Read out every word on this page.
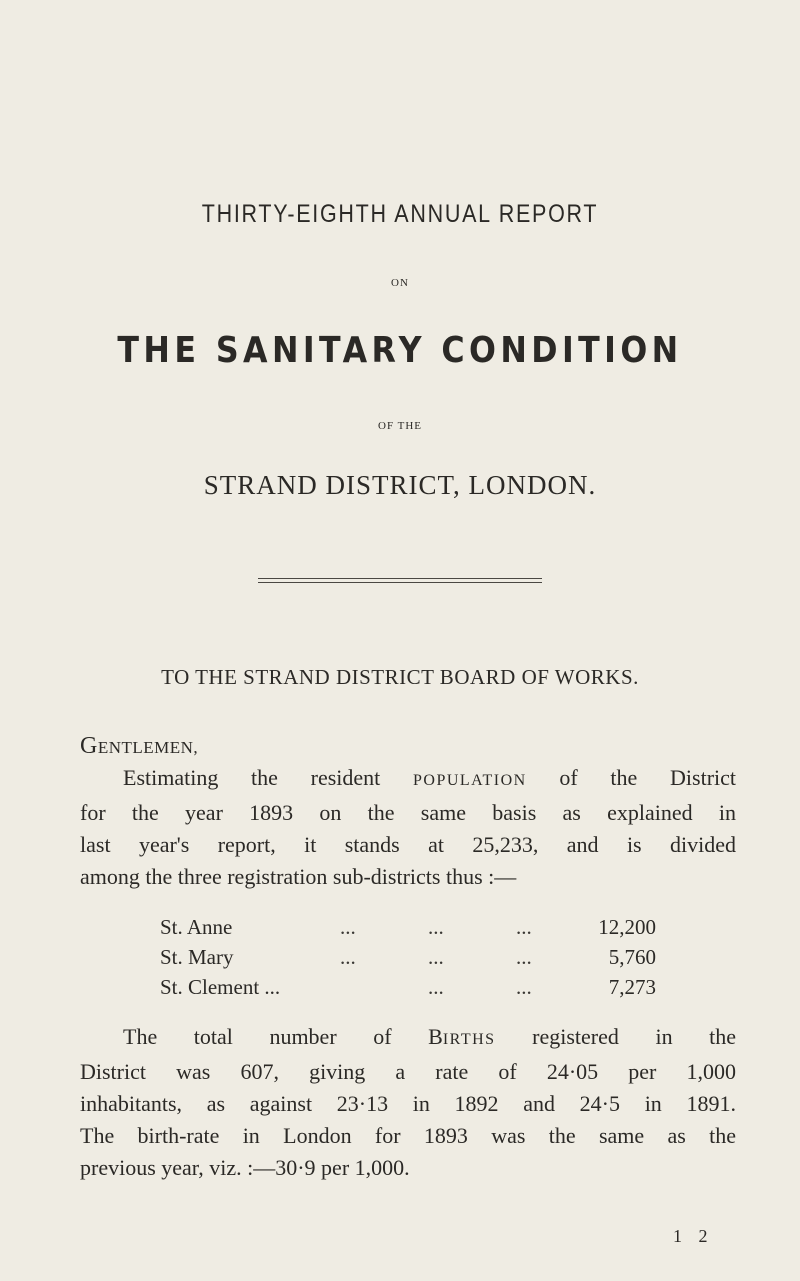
THIRTY-EIGHTH ANNUAL REPORT
ON
THE SANITARY CONDITION
OF THE
STRAND DISTRICT, LONDON.
TO THE STRAND DISTRICT BOARD OF WORKS.
GENTLEMEN,
Estimating the resident POPULATION of the District
for the year 1893 on the same basis as explained in
last year's report, it stands at 25,233, and is divided
among the three registration sub-districts thus :—
St. Anne	...	...	...	12,200
St. Mary	...	...	...	5,760
St. Clement ...	...	...	7,273
The total number of BIRTHS registered in the
District was 607, giving a rate of 24·05 per 1,000
inhabitants, as against 23·13 in 1892 and 24·5 in 1891.
The birth-rate in London for 1893 was the same as the
previous year, viz. :—30·9 per 1,000.
1 2
